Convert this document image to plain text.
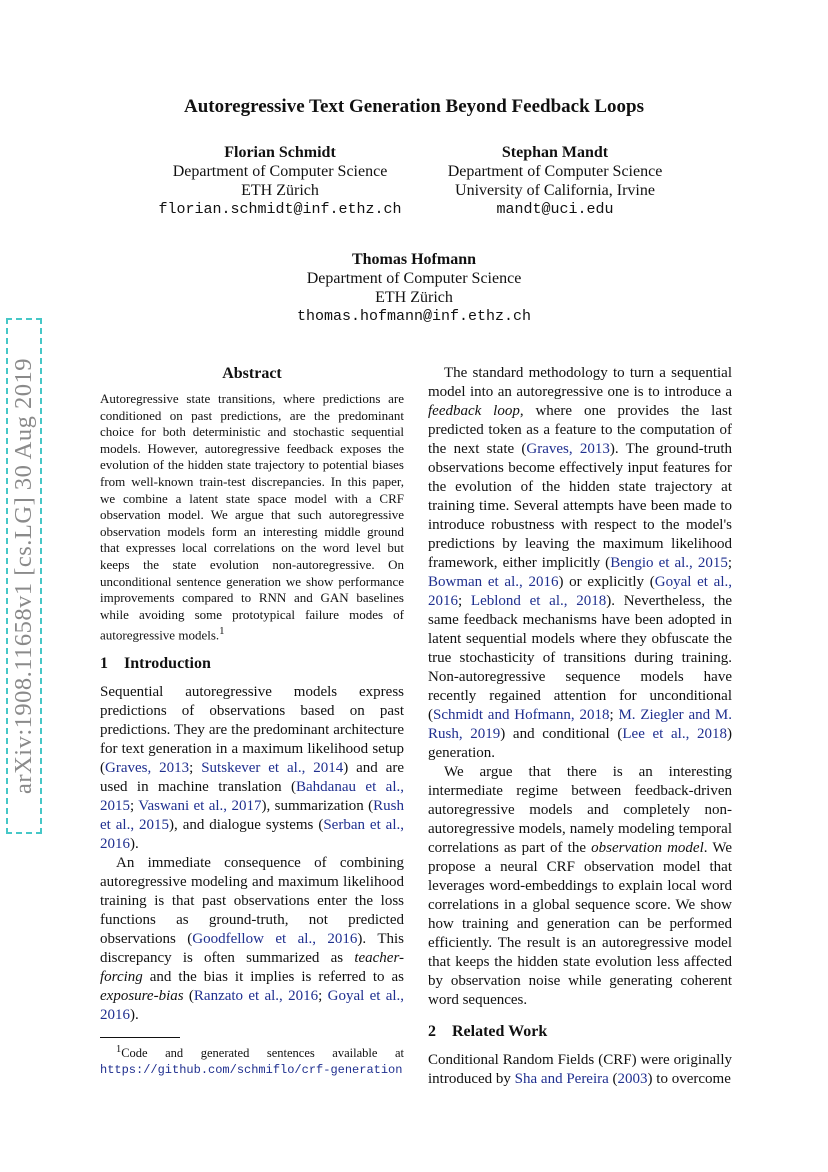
arXiv:1908.11658v1 [cs.LG] 30 Aug 2019
Autoregressive Text Generation Beyond Feedback Loops
Florian Schmidt
Department of Computer Science
ETH Zürich
florian.schmidt@inf.ethz.ch
Stephan Mandt
Department of Computer Science
University of California, Irvine
mandt@uci.edu
Thomas Hofmann
Department of Computer Science
ETH Zürich
thomas.hofmann@inf.ethz.ch
Abstract

Autoregressive state transitions, where predictions are conditioned on past predictions, are the predominant choice for both deterministic and stochastic sequential models. However, autoregressive feedback exposes the evolution of the hidden state trajectory to potential biases from well-known train-test discrepancies. In this paper, we combine a latent state space model with a CRF observation model. We argue that such autoregressive observation models form an interesting middle ground that expresses local correlations on the word level but keeps the state evolution non-autoregressive. On unconditional sentence generation we show performance improvements compared to RNN and GAN baselines while avoiding some prototypical failure modes of autoregressive models.$^1$

1 Introduction

Sequential autoregressive models express predictions of observations based on past predictions. They are the predominant architecture for text generation in a maximum likelihood setup (Graves, 2013; Sutskever et al., 2014) and are used in machine translation (Bahdanau et al., 2015; Vaswani et al., 2017), summarization (Rush et al., 2015), and dialogue systems (Serban et al., 2016).

An immediate consequence of combining autoregressive modeling and maximum likelihood training is that past observations enter the loss functions as ground-truth, not predicted observations (Goodfellow et al., 2016). This discrepancy is often summarized as teacher-forcing and the bias it implies is referred to as exposure-bias (Ranzato et al., 2016; Goyal et al., 2016).

$^1$Code and generated sentences available at https://github.com/schmiflo/crf-generation

The standard methodology to turn a sequential model into an autoregressive one is to introduce a feedback loop, where one provides the last predicted token as a feature to the computation of the next state (Graves, 2013). The ground-truth observations become effectively input features for the evolution of the hidden state trajectory at training time. Several attempts have been made to introduce robustness with respect to the model's predictions by leaving the maximum likelihood framework, either implicitly (Bengio et al., 2015; Bowman et al., 2016) or explicitly (Goyal et al., 2016; Leblond et al., 2018). Nevertheless, the same feedback mechanisms have been adopted in latent sequential models where they obfuscate the true stochasticity of transitions during training. Non-autoregressive sequence models have recently regained attention for unconditional (Schmidt and Hofmann, 2018; M. Ziegler and M. Rush, 2019) and conditional (Lee et al., 2018) generation.

We argue that there is an interesting intermediate regime between feedback-driven autoregressive models and completely non-autoregressive models, namely modeling temporal correlations as part of the observation model. We propose a neural CRF observation model that leverages word-embeddings to explain local word correlations in a global sequence score. We show how training and generation can be performed efficiently. The result is an autoregressive model that keeps the hidden state evolution less affected by observation noise while generating coherent word sequences.

2 Related Work

Conditional Random Fields (CRF) were originally introduced by Sha and Pereira (2003) to overcome
